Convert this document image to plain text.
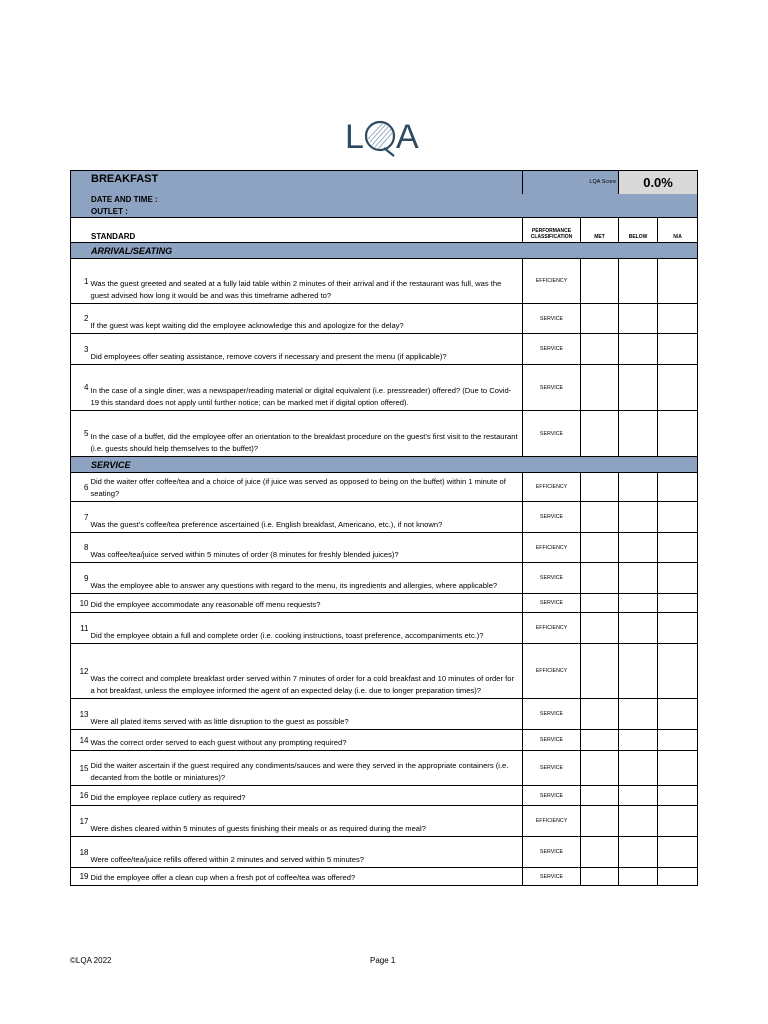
L A
BREAKFAST		LQA Score		0.0%	
DATE AND TIME :					
OUTLET :					
STANDARD		PERFORMANCE CLASSIFICATION	MET	BELOW	N/A
ARRIVAL/SEATING					
1	Was the guest greeted and seated at a fully laid table within 2 minutes of their arrival and if the restaurant was full, was the guest advised how long it would be and was this timeframe adhered to?	EFFICIENCY			
2	If the guest was kept waiting did the employee acknowledge this and apologize for the delay?	SERVICE			
3	Did employees offer seating assistance, remove covers if necessary and present the menu (if applicable)?	SERVICE			
4	In the case of a single diner, was a newspaper/reading material or digital equivalent (i.e. pressreader) offered? (Due to Covid-19 this standard does not apply until further notice; can be marked met if digital option offered).	SERVICE			
5	In the case of a buffet, did the employee offer an orientation to the breakfast procedure on the guest's first visit to the restaurant (i.e. guests should help themselves to the buffet)?	SERVICE			
SERVICE					
6	Did the waiter offer coffee/tea and a choice of juice (if juice was served as opposed to being on the buffet) within 1 minute of seating?	EFFICIENCY			
7	Was the guest's coffee/tea preference ascertained (i.e. English breakfast, Americano, etc.), if not known?	SERVICE			
8	Was coffee/tea/juice served within 5 minutes of order (8 minutes for freshly blended juices)?	EFFICIENCY			
9	Was the employee able to answer any questions with regard to the menu, its ingredients and allergies, where applicable?	SERVICE			
10	Did the employee accommodate any reasonable off menu requests?	SERVICE			
11	Did the employee obtain a full and complete order (i.e. cooking instructions, toast preference, accompaniments etc.)?	EFFICIENCY			
12	Was the correct and complete breakfast order served within 7 minutes of order for a cold breakfast and 10 minutes of order for a hot breakfast, unless the employee informed the agent of an expected delay (i.e. due to longer preparation times)?	EFFICIENCY			
13	Were all plated items served with as little disruption to the guest as possible?	SERVICE			
14	Was the correct order served to each guest without any prompting required?	SERVICE			
15	Did the waiter ascertain if the guest required any condiments/sauces and were they served in the appropriate containers (i.e. decanted from the bottle or miniatures)?	SERVICE			
16	Did the employee replace cutlery as required?	SERVICE			
17	Were dishes cleared within 5 minutes of guests finishing their meals or as required during the meal?	EFFICIENCY			
18	Were coffee/tea/juice refills offered within 2 minutes and served within 5 minutes?	SERVICE			
19	Did the employee offer a clean cup when a fresh pot of coffee/tea was offered?	SERVICE			
©LQA 2022	Page 1
